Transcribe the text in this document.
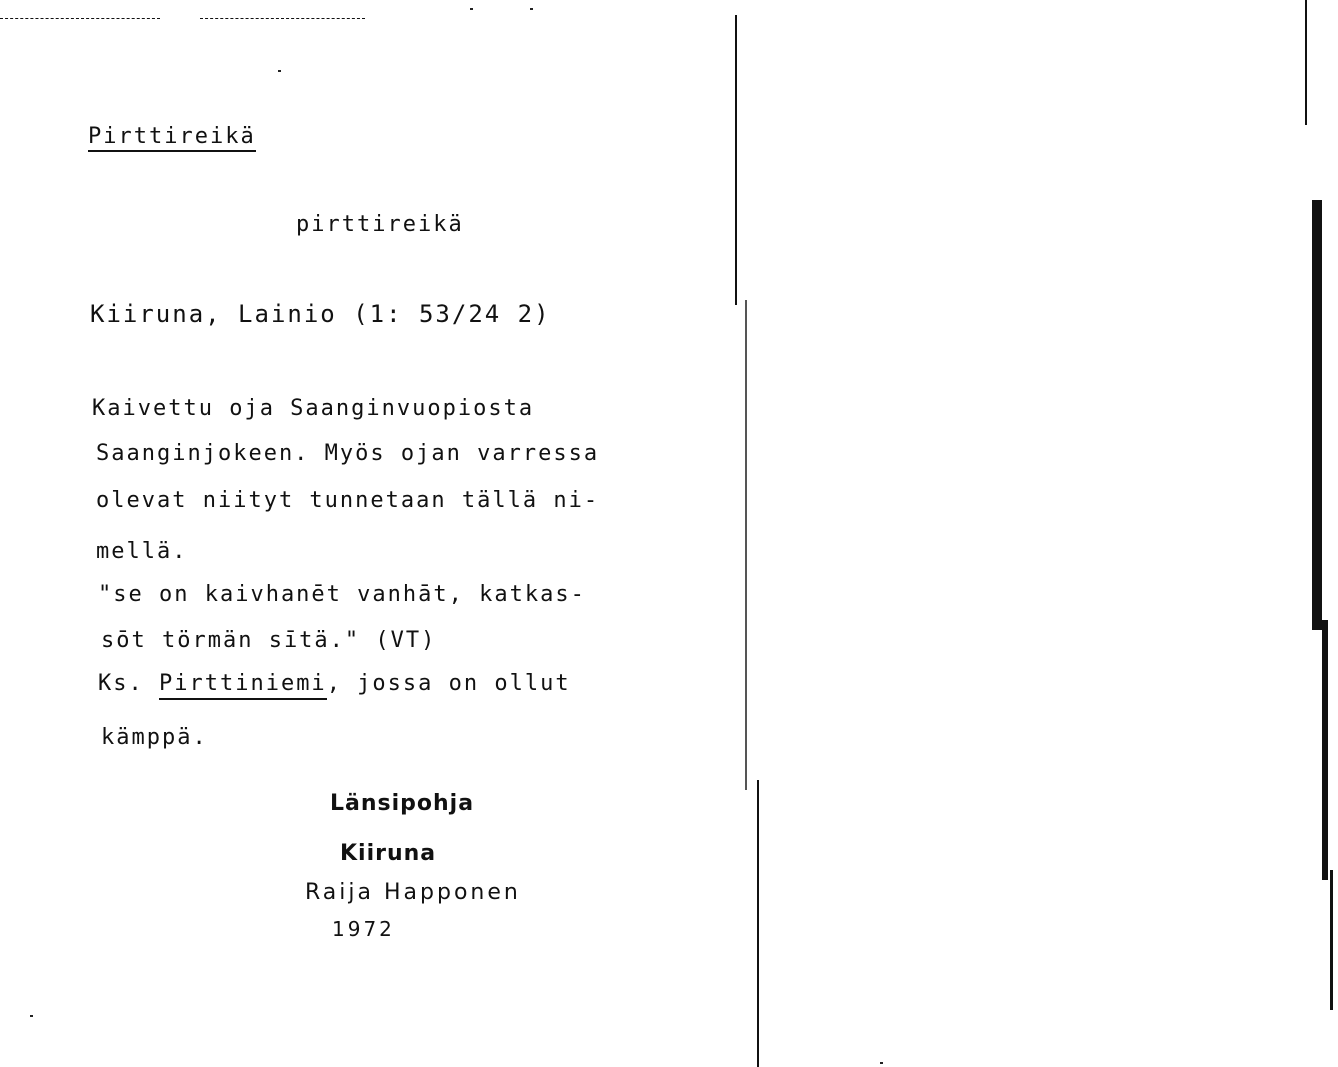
Pirttireikä
pirttireikä
Kiiruna, Lainio (1: 53/24 2)
Kaivettu oja Saanginvuopiosta
Saanginjokeen. Myös ojan varressa
olevat niityt tunnetaan tällä ni-
mellä.
"se on kaivhanēt vanhāt, katkas-
sōt törmän sītä." (VT)
Ks. Pirttiniemi, jossa on ollut
kämppä.
Länsipohja
Kiiruna
Raija Happonen
1972
